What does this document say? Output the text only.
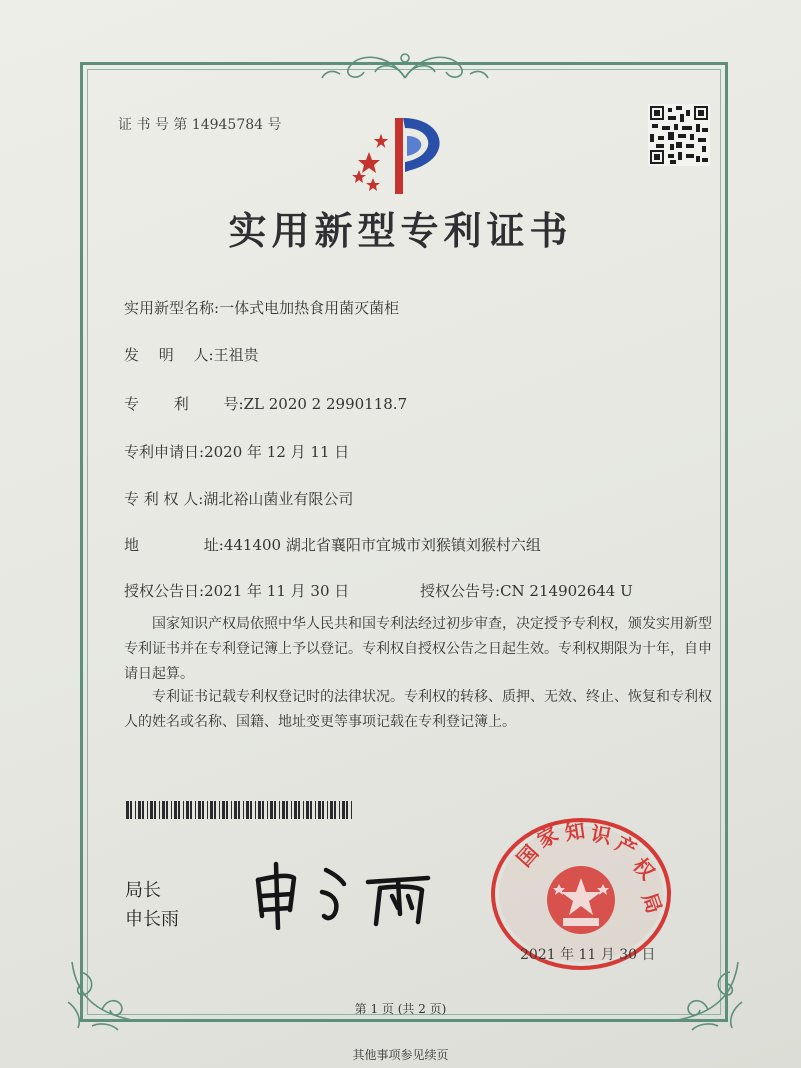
证 书 号 第 14945784 号
实用新型专利证书
实用新型名称:一体式电加热食用菌灭菌柜
发　 明　 人:王祖贵
专　　 利　　 号:ZL 2020 2 2990118.7
专利申请日:2020 年 12 月 11 日
专 利 权 人:湖北裕山菌业有限公司
地　　　　 址:441400 湖北省襄阳市宜城市刘猴镇刘猴村六组
授权公告日:2021 年 11 月 30 日	授权公告号:CN 214902644 U
国家知识产权局依照中华人民共和国专利法经过初步审查，决定授予专利权，颁发实用新型专利证书并在专利登记簿上予以登记。专利权自授权公告之日起生效。专利权期限为十年，自申请日起算。
专利证书记载专利权登记时的法律状况。专利权的转移、质押、无效、终止、恢复和专利权人的姓名或名称、国籍、地址变更等事项记载在专利登记簿上。
局长
申长雨
国
家 知 识
产
权
局
2021 年 11 月 30 日
第 1 页 (共 2 页)
其他事项参见续页
